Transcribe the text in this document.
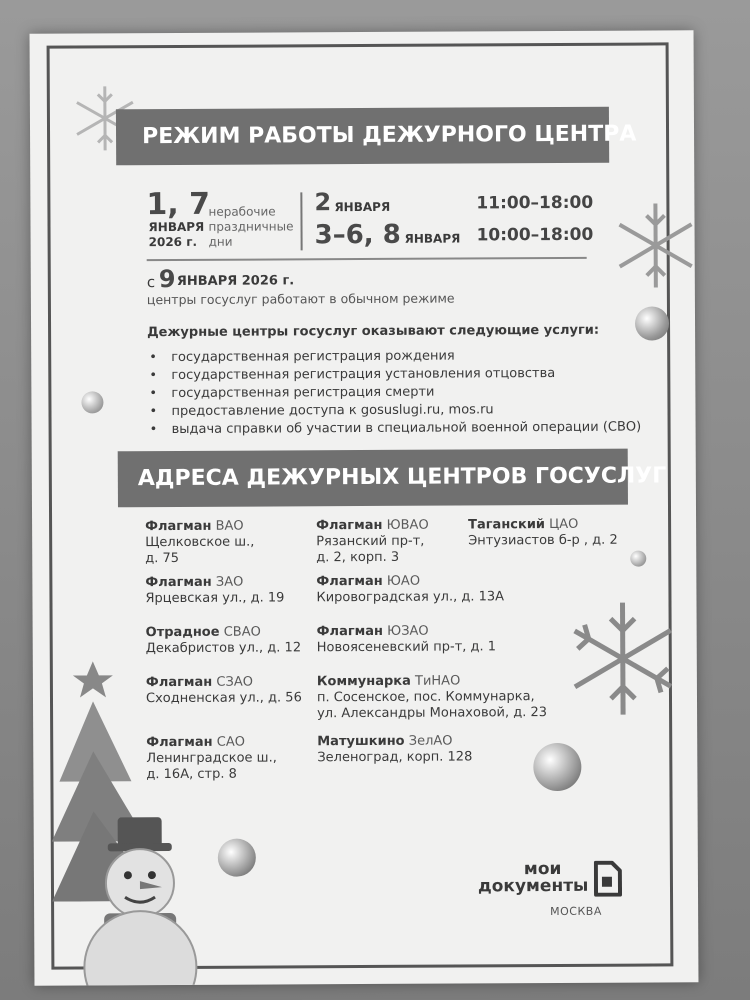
РЕЖИМ РАБОТЫ ДЕЖУРНОГО ЦЕНТРА
1, 7
ЯНВАРЯ
2026 г.
нерабочие
праздничные
дни
2 ЯНВАРЯ	11:00–18:00
3–6, 8 ЯНВАРЯ 10:00–18:00
с 9 ЯНВАРЯ 2026 г.
центры госуслуг работают в обычном режиме
Дежурные центры госуслуг оказывают следующие услуги:
• государственная регистрация рождения
• государственная регистрация установления отцовства
• государственная регистрация смерти
• предоставление доступа к gosuslugi.ru, mos.ru
• выдача справки об участии в специальной военной операции (СВО)
АДРЕСА ДЕЖУРНЫХ ЦЕНТРОВ ГОСУСЛУГ
Флагман ВАО
Щелковское ш.,
д. 75
Флагман ЗАО
Ярцевская ул., д. 19
Отрадное СВАО
Декабристов ул., д. 12
Флагман СЗАО
Сходненская ул., д. 56
Флагман САО
Ленинградское ш.,
д. 16А, стр. 8
Флагман ЮВАО
Рязанский пр-т,
д. 2, корп. 3
Флагман ЮАО
Кировоградская ул., д. 13А
Флагман ЮЗАО
Новоясеневский пр-т, д. 1
Коммунарка ТиНАО
п. Сосенское, пос. Коммунарка,
ул. Александры Монаховой, д. 23
Матушкино ЗелАО
Зеленоград, корп. 128
Таганский ЦАО
Энтузиастов б-р , д. 2
мои
документы
МОСКВА
